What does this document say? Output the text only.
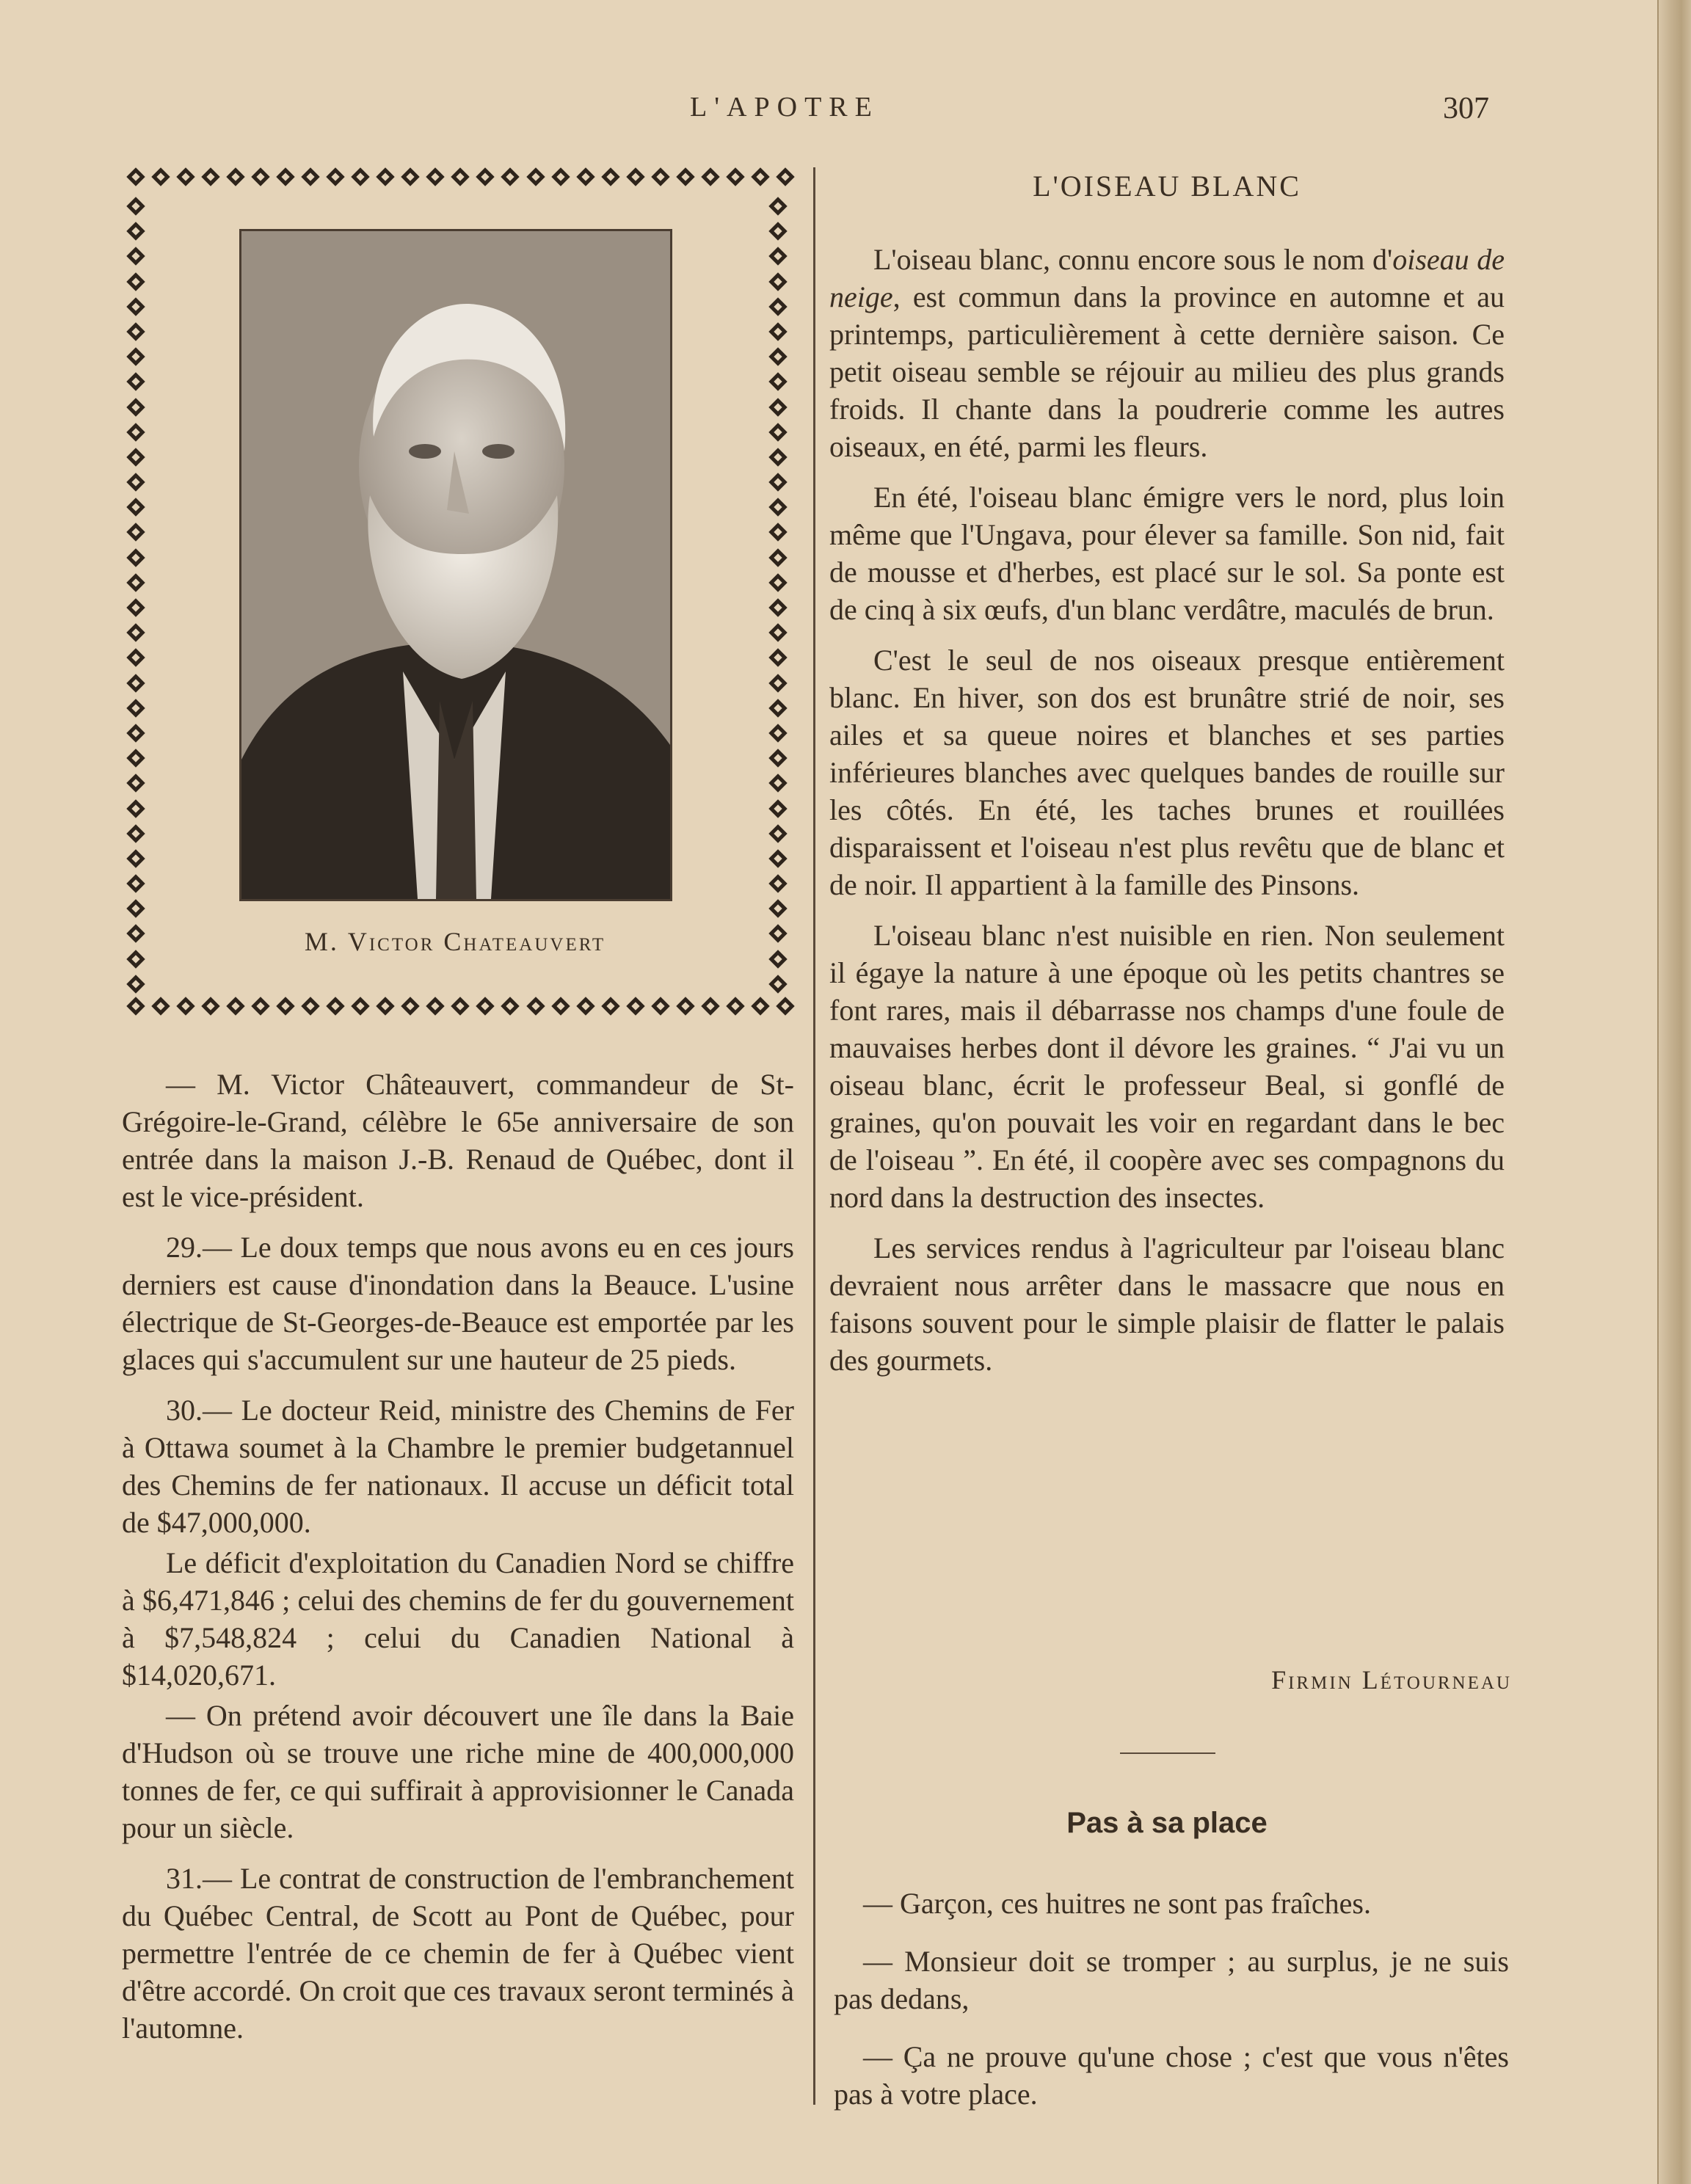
L'APOTRE	307
M. Victor Chateauvert

— M. Victor Châteauvert, commandeur de St-Grégoire-le-Grand, célèbre le 65e anniversaire de son entrée dans la maison J.-B. Renaud de Québec, dont il est le vice-président.

29.— Le doux temps que nous avons eu en ces jours derniers est cause d'inondation dans la Beauce. L'usine électrique de St-Georges-de-Beauce est emportée par les glaces qui s'accumulent sur une hauteur de 25 pieds.

30.— Le docteur Reid, ministre des Chemins de Fer à Ottawa soumet à la Chambre le premier budgetannuel des Chemins de fer nationaux. Il accuse un déficit total de $47,000,000.

Le déficit d'exploitation du Canadien Nord se chiffre à $6,471,846 ; celui des chemins de fer du gouvernement à $7,548,824 ; celui du Canadien National à $14,020,671.

— On prétend avoir découvert une île dans la Baie d'Hudson où se trouve une riche mine de 400,000,000 tonnes de fer, ce qui suffirait à approvisionner le Canada pour un siècle.

31.— Le contrat de construction de l'embranchement du Québec Central, de Scott au Pont de Québec, pour permettre l'entrée de ce chemin de fer à Québec vient d'être accordé. On croit que ces travaux seront terminés à l'automne.

L'OISEAU BLANC

L'oiseau blanc, connu encore sous le nom d'oiseau de neige, est commun dans la province en automne et au printemps, particulièrement à cette dernière saison. Ce petit oiseau semble se réjouir au milieu des plus grands froids. Il chante dans la poudrerie comme les autres oiseaux, en été, parmi les fleurs.

En été, l'oiseau blanc émigre vers le nord, plus loin même que l'Ungava, pour élever sa famille. Son nid, fait de mousse et d'herbes, est placé sur le sol. Sa ponte est de cinq à six œufs, d'un blanc verdâtre, maculés de brun.

C'est le seul de nos oiseaux presque entièrement blanc. En hiver, son dos est brunâtre strié de noir, ses ailes et sa queue noires et blanches et ses parties inférieures blanches avec quelques bandes de rouille sur les côtés. En été, les taches brunes et rouillées disparaissent et l'oiseau n'est plus revêtu que de blanc et de noir. Il appartient à la famille des Pinsons.

L'oiseau blanc n'est nuisible en rien. Non seulement il égaye la nature à une époque où les petits chantres se font rares, mais il débarrasse nos champs d'une foule de mauvaises herbes dont il dévore les graines. “ J'ai vu un oiseau blanc, écrit le professeur Beal, si gonflé de graines, qu'on pouvait les voir en regardant dans le bec de l'oiseau ”. En été, il coopère avec ses compagnons du nord dans la destruction des insectes.

Les services rendus à l'agriculteur par l'oiseau blanc devraient nous arrêter dans le massacre que nous en faisons souvent pour le simple plaisir de flatter le palais des gourmets.

Firmin Létourneau
Pas à sa place

— Garçon, ces huitres ne sont pas fraîches.

— Monsieur doit se tromper ; au surplus, je ne suis pas dedans,

— Ça ne prouve qu'une chose ; c'est que vous n'êtes pas à votre place.
